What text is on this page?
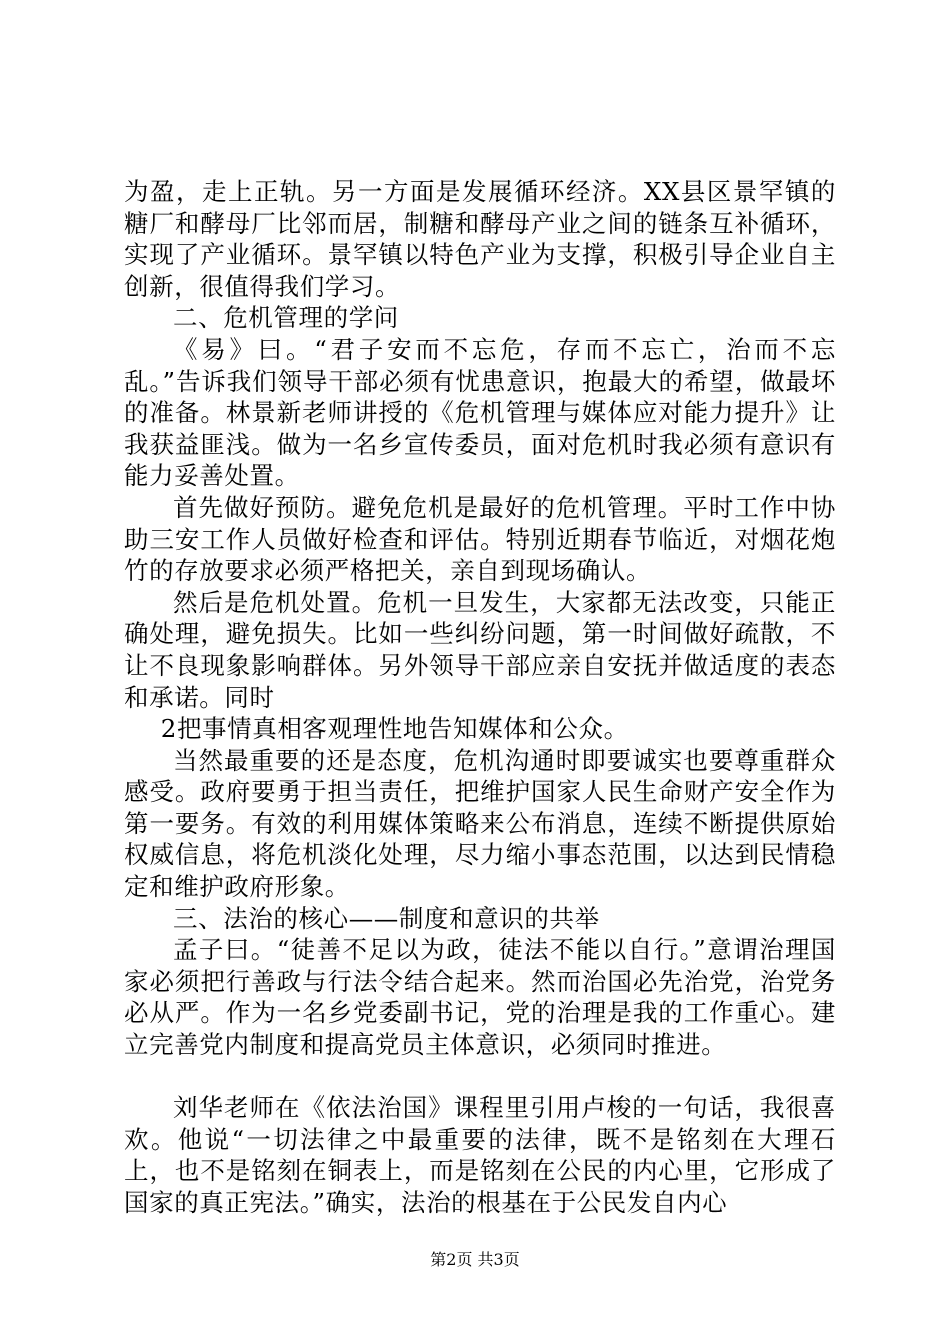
为盈，走上正轨。另一方面是发展循环经济。XX县区景罕镇的糖厂和酵母厂比邻而居，制糖和酵母产业之间的链条互补循环，实现了产业循环。景罕镇以特色产业为支撑，积极引导企业自主创新，很值得我们学习。

二、危机管理的学问

《易》曰。“君子安而不忘危，存而不忘亡，治而不忘乱。”告诉我们领导干部必须有忧患意识，抱最大的希望，做最坏的准备。林景新老师讲授的《危机管理与媒体应对能力提升》让我获益匪浅。做为一名乡宣传委员，面对危机时我必须有意识有能力妥善处置。

首先做好预防。避免危机是最好的危机管理。平时工作中协助三安工作人员做好检查和评估。特别近期春节临近，对烟花炮竹的存放要求必须严格把关，亲自到现场确认。

然后是危机处置。危机一旦发生，大家都无法改变，只能正确处理，避免损失。比如一些纠纷问题，第一时间做好疏散，不让不良现象影响群体。另外领导干部应亲自安抚并做适度的表态和承诺。同时

2把事情真相客观理性地告知媒体和公众。

当然最重要的还是态度，危机沟通时即要诚实也要尊重群众感受。政府要勇于担当责任，把维护国家人民生命财产安全作为第一要务。有效的利用媒体策略来公布消息，连续不断提供原始权威信息，将危机淡化处理，尽力缩小事态范围，以达到民情稳定和维护政府形象。

三、法治的核心——制度和意识的共举

孟子曰。“徒善不足以为政，徒法不能以自行。”意谓治理国家必须把行善政与行法令结合起来。然而治国必先治党，治党务必从严。作为一名乡党委副书记，党的治理是我的工作重心。建立完善党内制度和提高党员主体意识，必须同时推进。

刘华老师在《依法治国》课程里引用卢梭的一句话，我很喜欢。他说“一切法律之中最重要的法律，既不是铭刻在大理石上，也不是铭刻在铜表上，而是铭刻在公民的内心里，它形成了国家的真正宪法。”确实，法治的根基在于公民发自内心

第2页 共3页
